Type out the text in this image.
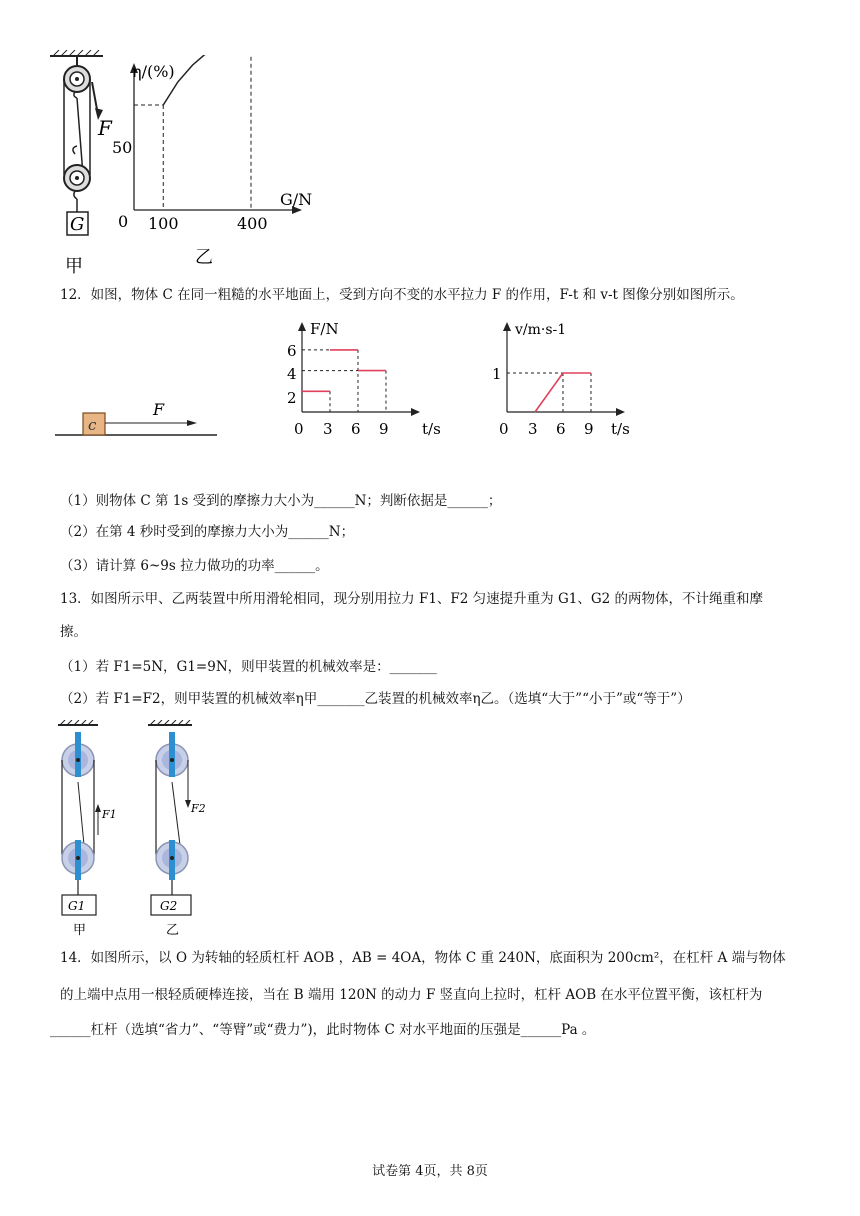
F
G
甲
η/(%)
G/N
0 100	400
50
乙
12．如图，物体 C 在同一粗糙的水平地面上，受到方向不变的水平拉力 F 的作用，F-t 和 v-t 图像分别如图所示。
c
F
F/N
t/s
0 3 6 9
2
4
6
v/m·s-1
t/s
0 3 6 9
1
（1）则物体 C 第 1s 受到的摩擦力大小为______N；判断依据是______；
（2）在第 4 秒时受到的摩擦力大小为______N；
（3）请计算 6~9s 拉力做功的功率______。
13．如图所示甲、乙两装置中所用滑轮相同，现分别用拉力 F1、F2 匀速提升重为 G1、G2 的两物体，不计绳重和摩
擦。
（1）若 F1=5N，G1=9N，则甲装置的机械效率是：_______
（2）若 F1=F2，则甲装置的机械效率η甲_______乙装置的机械效率η乙。（选填“大于”“小于”或“等于”）
F1
G1
甲
F2
G2
乙
14．如图所示，以 O 为转轴的轻质杠杆 AOB ，AB = 4OA，物体 C 重 240N，底面积为 200cm²，在杠杆 A 端与物体
的上端中点用一根轻质硬棒连接，当在 B 端用 120N 的动力 F 竖直向上拉时，杠杆 AOB 在水平位置平衡，该杠杆为
______杠杆（选填“省力”、“等臂”或“费力”)，此时物体 C 对水平地面的压强是______Pa 。
试卷第 4页，共 8页
